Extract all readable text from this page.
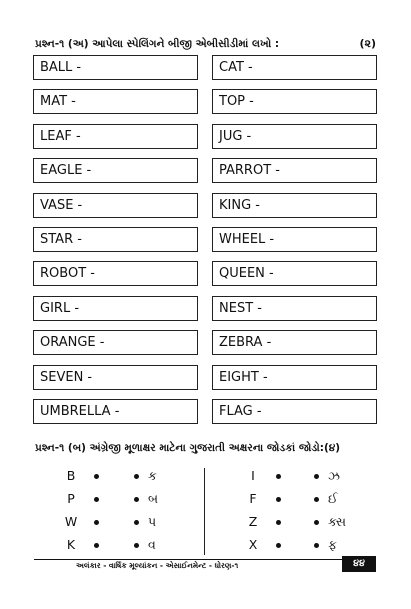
પ્રશ્ન-૧ (અ) આપેલા સ્પેલિંગને બીજી એબીસીડીમાં લખો :	(૨)
BALL -
MAT -
LEAF -
EAGLE -
VASE -
STAR -
ROBOT -
GIRL -
ORANGE -
SEVEN -
UMBRELLA -
CAT -
TOP -
JUG -
PARROT -
KING -
WHEEL -
QUEEN -
NEST -
ZEBRA -
EIGHT -
FLAG -
પ્રશ્ન-૧ (બ) અંગ્રેજી મૂળાક્ષર માટેના ગુજરાતી અક્ષરના જોડકાં જોડો:(૪)
B	ક
P	બ
W	પ
K	વ
I	ઝ
F	ઈ
Z	ક્સ
X	ફ
અલંકાર - વાર્ષિક મૂલ્યાંકન - એસાઈનમેન્ટ - ધોરણ-૧	૪૪
